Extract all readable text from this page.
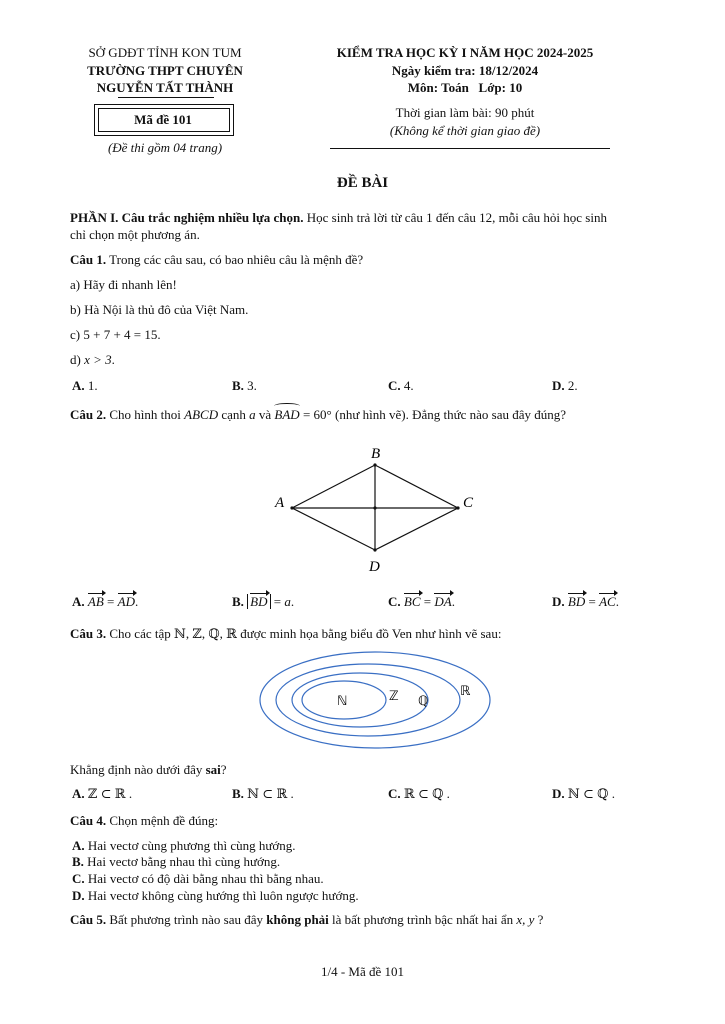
SỞ GDĐT TỈNH KON TUM
TRƯỜNG THPT CHUYÊN
NGUYỄN TẤT THÀNH
Mã đề 101
(Đề thi gồm 04 trang)
KIỂM TRA HỌC KỲ I NĂM HỌC 2024-2025
Ngày kiểm tra: 18/12/2024
Môn: Toán   Lớp: 10
Thời gian làm bài: 90 phút
(Không kể thời gian giao đề)
ĐỀ BÀI
PHẦN I. Câu trắc nghiệm nhiều lựa chọn. Học sinh trả lời từ câu 1 đến câu 12, mỗi câu hỏi học sinh
chỉ chọn một phương án.
Câu 1. Trong các câu sau, có bao nhiêu câu là mệnh đề?
a) Hãy đi nhanh lên!
b) Hà Nội là thủ đô của Việt Nam.
c) 5 + 7 + 4 = 15.
d) x > 3.
A. 1.	B. 3.	C. 4.	D. 2.
Câu 2. Cho hình thoi ABCD cạnh a và BAD = 60° (như hình vẽ). Đẳng thức nào sau đây đúng?
A
B
C
D
A. AB = AD.	B. BD = a.	C. BC = DA.	D. BD = AC.
Câu 3. Cho các tập ℕ, ℤ, ℚ, ℝ được minh họa bằng biểu đồ Ven như hình vẽ sau:
ℕ	ℤ ℚ
ℝ
Khẳng định nào dưới đây sai?
A. ℤ ⊂ ℝ .	B. ℕ ⊂ ℝ .	C. ℝ ⊂ ℚ .	D. ℕ ⊂ ℚ .
Câu 4. Chọn mệnh đề đúng:
A. Hai vectơ cùng phương thì cùng hướng.
B. Hai vectơ bằng nhau thì cùng hướng.
C. Hai vectơ có độ dài bằng nhau thì bằng nhau.
D. Hai vectơ không cùng hướng thì luôn ngược hướng.
Câu 5. Bất phương trình nào sau đây không phải là bất phương trình bậc nhất hai ẩn x, y ?
1/4 - Mã đề 101
